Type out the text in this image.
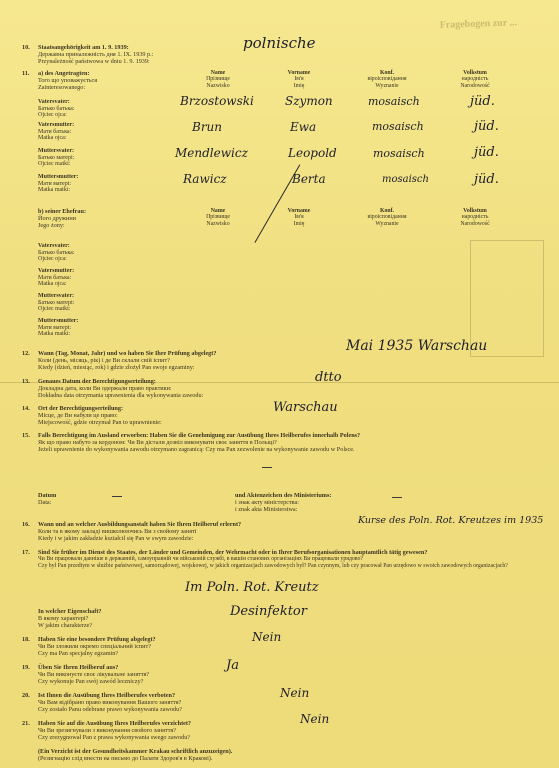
Fragebogen zur ...
10. Staatsangehörigkeit am 1. 9. 1939:
Державна приналежність дня 1. IX. 1939 р.:
Przynależność państwowa w dniu 1. 9. 1939:
polnische
11. a) des Angetragten:
Того що уповажується
Zainteresowanego:
Name
Прізвище
Nazwisko
Vorname
Ім'я
Imię
Konf.
віроісповідання
Wyznanie
Volkstum
народність
Narodowość
Vatersvater:
Батько батька:
Ojciec ojca:
Brzostowski	Szymon	mosaisch	jüd.
Vatersmutter:
Мати батька:
Matka ojca:
Brun	Ewa	mosaisch	jüd.
Muttersvater:
Батько матері:
Ojciec matki:
Mendlewicz	Leopold	mosaisch	jüd.
Muttersmutter:
Мати матері:
Matka matki:
Rawicz	Berta	mosaisch	jüd.
b) seiner Ehefrau:
Його дружини
Jego żony:
Name
Прізвище
Nazwisko
Vorname
Ім'я
Imię
Konf.
віроісповідання
Wyznanie
Volkstum
народність
Narodowość
Vatersvater:
Батько батька:
Ojciec ojca:
Vatersmutter:
Мати батька:
Matka ojca:
Muttersvater:
Батько матері:
Ojciec matki:
Muttersmutter:
Мати матері:
Matka matki:
12. Wann (Tag, Monat, Jahr) und wo haben Sie Ihre Prüfung abgelegt?
Коли (день, місяць, рік) і де Ви склали свій іспит?
Kiedy (dzień, miesiąc, rok) i gdzie złożył Pan swoje egzaminy:
Mai 1935 Warschau
13. Genaues Datum der Berechtigungserteilung:
Докладна дата, коли Ви одержали право практики:
Dokładna data otrzymania uprawnienia dla wykonywania zawodu:
dtto
14. Ort der Berechtigungserteilung:
Місце, де Ви набули це право:
Miejscowość, gdzie otrzymał Pan to uprawnienie:
Warschau
15. Falls Berechtigung im Ausland erworben: Haben Sie die Genehmigung zur Ausübung Ihres Heilberufes innerhalb Polens?
Як що право набуто за кордоном: Чи Ви дістали дозвіл виконувати своє заняття в Польщі?
Jeżeli uprawnienie do wykonywania zawodu otrzymano zagranicą: Czy ma Pan zezwolenie na wykonywanie zawodu w Polsce.
Datum
Data:
und Aktenzeichen des Ministeriums:
і знак акту міністерства:
i znak akta Ministerstwa:
16. Wann und an welcher Ausbildungsanstalt haben Sie Ihren Heilberuf erlernt?
Коли та в якому закладі вишколюючись Ви з свойому заняті
Kiedy i w jakim zakładzie kształcił się Pan w swym zawodzie:
Kurse des Poln. Rot. Kreutzes im 1935
17. Sind Sie früher im Dienst des Staates, der Länder und Gemeinden, der Wehrmacht oder in Ihrer Berufsorganisationen hauptamtlich tätig gewesen?
Чи Ви працювали давніше в державній, самоуправній чи військовій службі, в вашім станових організаціях Ви працювали урядово?
Czy był Pan przedtym w służbie państwowej, samorządowej, wojskowej, w jakich organizacjach zawodowych był? Pan czynnym, lub czy pracował Pan urzędowo w swoich zawodowych organizacjach?
Im Poln. Rot. Kreutz
In welcher Eigenschaft?
В якому характері?
W jakim charakterze?
Desinfektor
18. Haben Sie eine besondere Prüfung abgelegt?
Чи Ви зложили окремо спеціальний іспит?
Czy ma Pan specjalny egzamin?
Nein
19. Üben Sie Ihren Heilberuf aus?
Чи Ви виконуєте своє лікувальне заняття?
Czy wykonuje Pan swój zawód leczniczy?
Ja
20. Ist Ihnen die Ausübung Ihres Heilberufes verboten?
Чи Вам відібрано право виконування Вашого заняття?
Czy zostało Panu odebrane prawo wykonywania zawodu?
Nein
21. Haben Sie auf die Ausübung Ihres Heilberufes verzichtet?
Чи Ви зрезигнували з виконування свойого заняття?
Czy zrezygnował Pan z prawa wykonywania swego zawodu?
Nein
(Ein Verzicht ist der Gesundheitskammer Krakau schriftlich anzuzeigen).
(Резигнацію слід внести на письмо до Палати Здоров'я в Кракові).
